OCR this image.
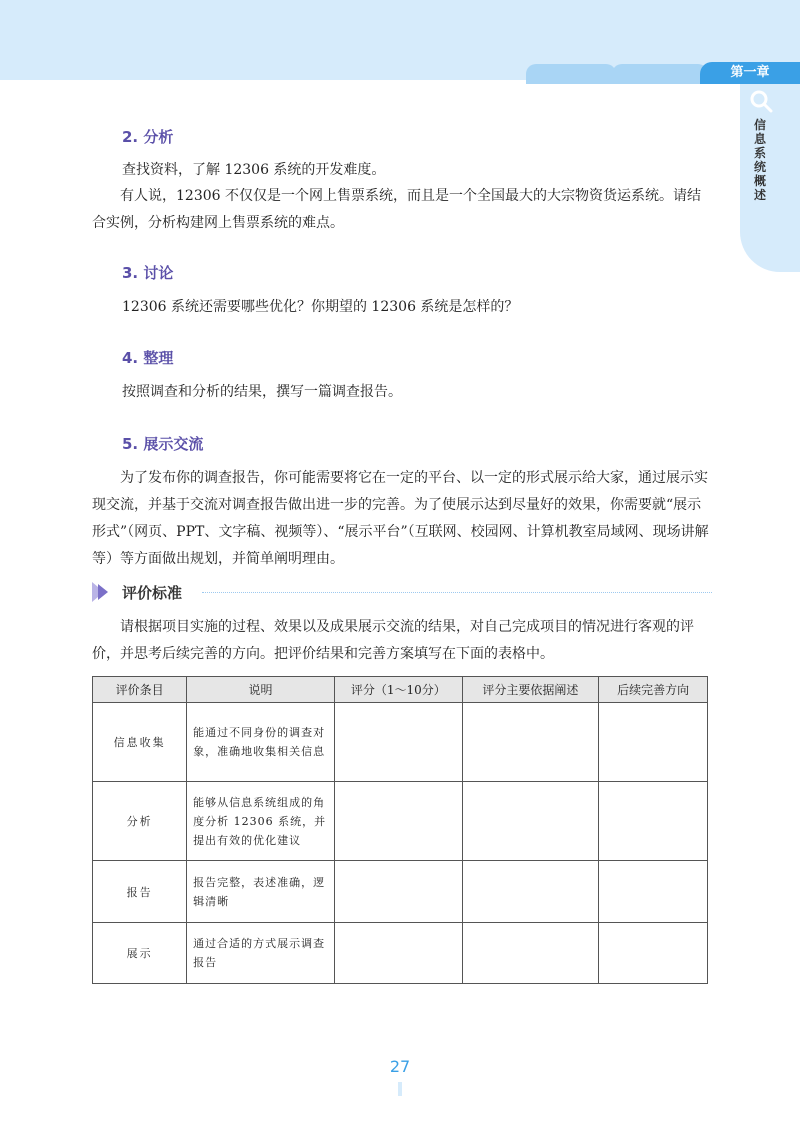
第一章
信息系统概述
2. 分析

查找资料，了解 12306 系统的开发难度。

有人说，12306 不仅仅是一个网上售票系统，而且是一个全国最大的大宗物资货运系统。请结合实例，分析构建网上售票系统的难点。

3. 讨论

12306 系统还需要哪些优化？你期望的 12306 系统是怎样的？

4. 整理

按照调查和分析的结果，撰写一篇调查报告。

5. 展示交流

为了发布你的调查报告，你可能需要将它在一定的平台、以一定的形式展示给大家，通过展示实现交流，并基于交流对调查报告做出进一步的完善。为了使展示达到尽量好的效果，你需要就“展示形式”（网页、PPT、文字稿、视频等）、“展示平台”（互联网、校园网、计算机教室局域网、现场讲解等）等方面做出规划，并简单阐明理由。

评价标准

请根据项目实施的过程、效果以及成果展示交流的结果，对自己完成项目的情况进行客观的评价，并思考后续完善的方向。把评价结果和完善方案填写在下面的表格中。

评价条目	说明	评分（1～10分）	评分主要依据阐述	后续完善方向
信息收集	能通过不同身份的调查对象，准确地收集相关信息			
分析	能够从信息系统组成的角度分析 12306 系统，并提出有效的优化建议			
报告	报告完整，表述准确，逻辑清晰			
展示	通过合适的方式展示调查报告			
27
